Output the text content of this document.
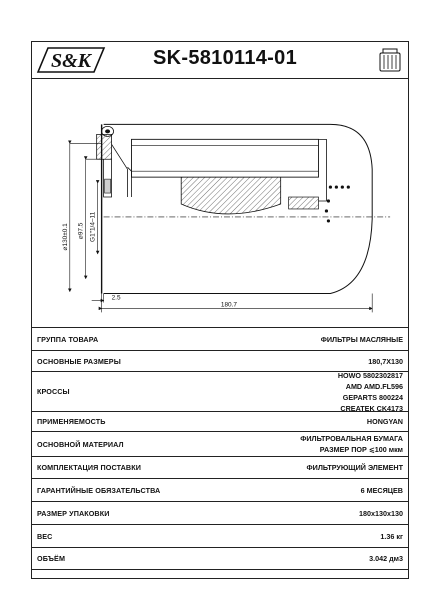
S&K	SK-5810114-01
⌀130±0.1 ⌀97.5 G1"1/4–11
2.5
180.7
ГРУППА ТОВАРА	ФИЛЬТРЫ МАСЛЯНЫЕ
ОСНОВНЫЕ РАЗМЕРЫ	180,7X130
КРОССЫ
HOWO 5802302817
AMD AMD.FL596
GEPARTS 800224
CREATEK CK4173
ПРИМЕНЯЕМОСТЬ	HONGYAN
ОСНОВНОЙ МАТЕРИАЛ
ФИЛЬТРОВАЛЬНАЯ БУМАГА
РАЗМЕР ПОР ⩽100 мкм
КОМПЛЕКТАЦИЯ ПОСТАВКИ	ФИЛЬТРУЮЩИЙ ЭЛЕМЕНТ
ГАРАНТИЙНЫЕ ОБЯЗАТЕЛЬСТВА	6 МЕСЯЦЕВ
РАЗМЕР УПАКОВКИ	180x130x130
ВЕС	1.36 кг
ОБЪЁМ	3.042 дм3
